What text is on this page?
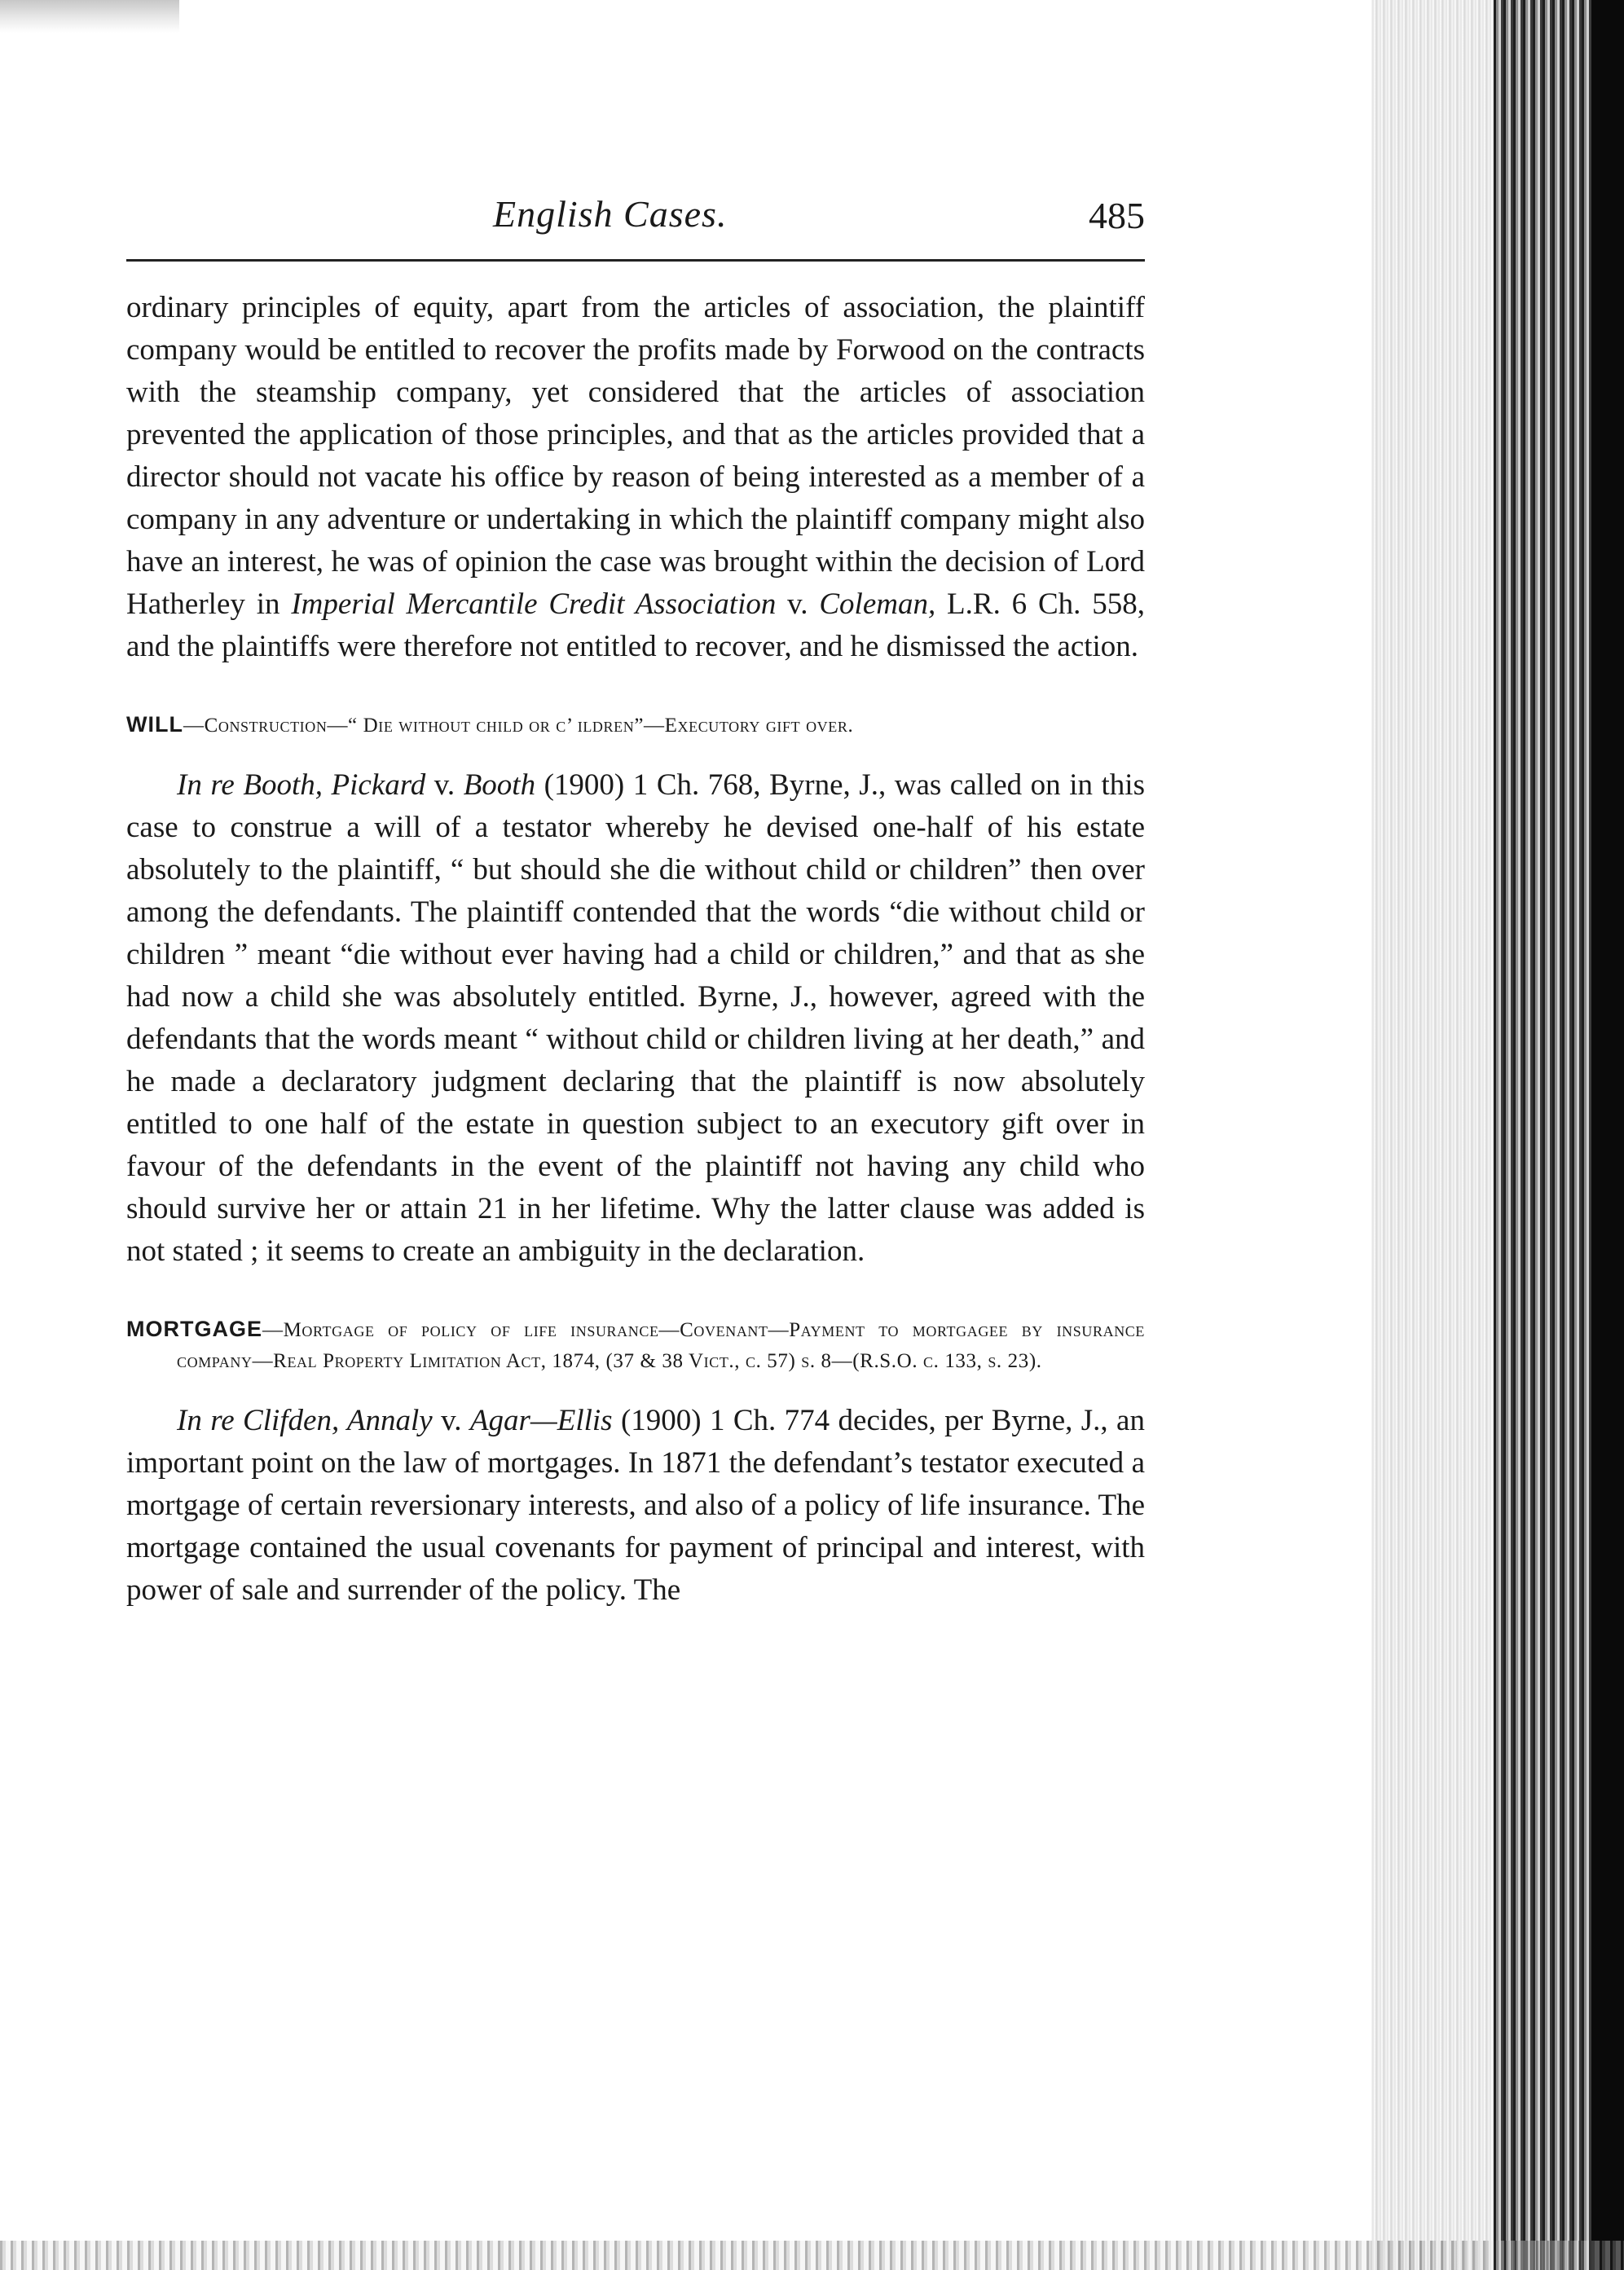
English Cases.	485

ordinary principles of equity, apart from the articles of association, the plaintiff company would be entitled to recover the profits made by Forwood on the contracts with the steamship company, yet considered that the articles of association prevented the application of those principles, and that as the articles provided that a director should not vacate his office by reason of being interested as a member of a company in any adventure or undertaking in which the plaintiff company might also have an interest, he was of opinion the case was brought within the decision of Lord Hatherley in Imperial Mercantile Credit Association v. Coleman, L.R. 6 Ch. 558, and the plaintiffs were therefore not entitled to recover, and he dismissed the action.

WILL—Construction—“ Die without child or c’ ildren”—Executory gift over.

In re Booth, Pickard v. Booth (1900) 1 Ch. 768, Byrne, J., was called on in this case to construe a will of a testator whereby he devised one-half of his estate absolutely to the plaintiff, “ but should she die without child or children” then over among the defendants. The plaintiff contended that the words “die without child or children ” meant “die without ever having had a child or children,” and that as she had now a child she was absolutely entitled. Byrne, J., however, agreed with the defendants that the words meant “ without child or children living at her death,” and he made a declaratory judgment declaring that the plaintiff is now absolutely entitled to one half of the estate in question subject to an executory gift over in favour of the defendants in the event of the plaintiff not having any child who should survive her or attain 21 in her lifetime. Why the latter clause was added is not stated ; it seems to create an ambiguity in the declaration.

MORTGAGE—Mortgage of policy of life insurance—Covenant—Payment to mortgagee by insurance company—Real Property Limitation Act, 1874, (37 & 38 Vict., c. 57) s. 8—(R.S.O. c. 133, s. 23).

In re Clifden, Annaly v. Agar—Ellis (1900) 1 Ch. 774 decides, per Byrne, J., an important point on the law of mortgages. In 1871 the defendant’s testator executed a mortgage of certain reversionary interests, and also of a policy of life insurance. The mortgage contained the usual covenants for payment of principal and interest, with power of sale and surrender of the policy. The
